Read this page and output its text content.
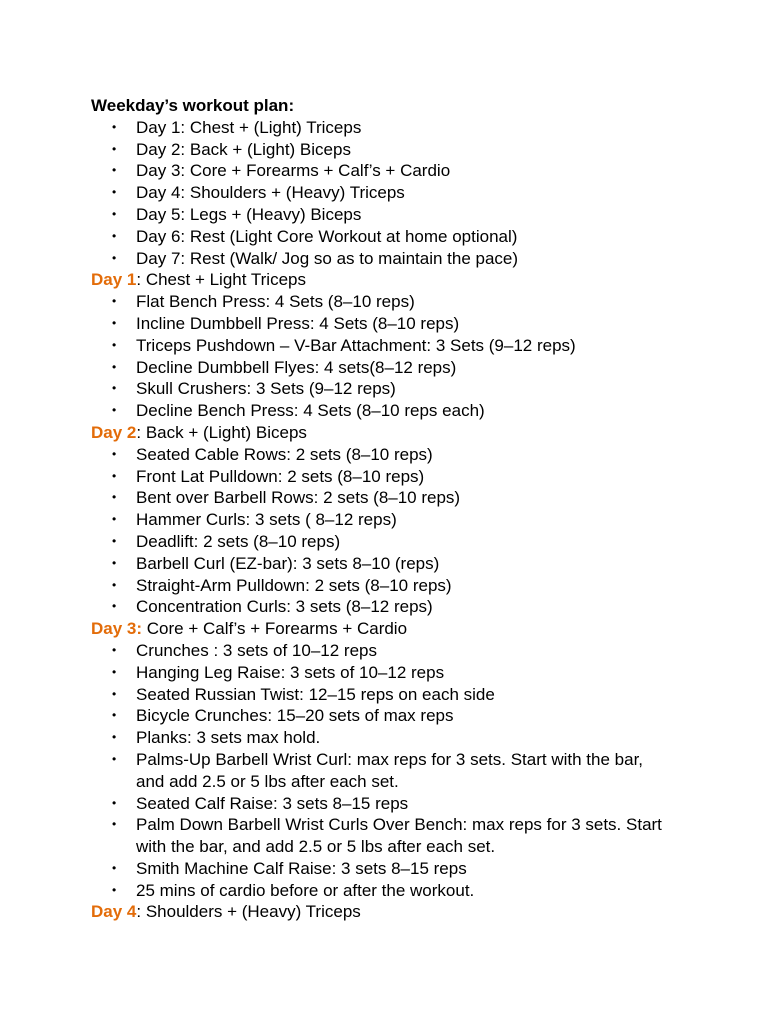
Weekday’s workout plan:
• Day 1: Chest + (Light) Triceps
• Day 2: Back + (Light) Biceps
• Day 3: Core + Forearms + Calf’s + Cardio
• Day 4: Shoulders + (Heavy) Triceps
• Day 5: Legs + (Heavy) Biceps
• Day 6: Rest (Light Core Workout at home optional)
• Day 7: Rest (Walk/ Jog so as to maintain the pace)
Day 1: Chest + Light Triceps
• Flat Bench Press: 4 Sets (8–10 reps)
• Incline Dumbbell Press: 4 Sets (8–10 reps)
• Triceps Pushdown – V-Bar Attachment: 3 Sets (9–12 reps)
• Decline Dumbbell Flyes: 4 sets(8–12 reps)
• Skull Crushers: 3 Sets (9–12 reps)
• Decline Bench Press: 4 Sets (8–10 reps each)
Day 2: Back + (Light) Biceps
• Seated Cable Rows: 2 sets (8–10 reps)
• Front Lat Pulldown: 2 sets (8–10 reps)
• Bent over Barbell Rows: 2 sets (8–10 reps)
• Hammer Curls: 3 sets ( 8–12 reps)
• Deadlift: 2 sets (8–10 reps)
• Barbell Curl (EZ-bar): 3 sets 8–10 (reps)
• Straight-Arm Pulldown: 2 sets (8–10 reps)
• Concentration Curls: 3 sets (8–12 reps)
Day 3: Core + Calf’s + Forearms + Cardio
• Crunches : 3 sets of 10–12 reps
• Hanging Leg Raise: 3 sets of 10–12 reps
• Seated Russian Twist: 12–15 reps on each side
• Bicycle Crunches: 15–20 sets of max reps
• Planks: 3 sets max hold.
• Palms-Up Barbell Wrist Curl: max reps for 3 sets. Start with the bar, and add 2.5 or 5 lbs after each set.
• Seated Calf Raise: 3 sets 8–15 reps
• Palm Down Barbell Wrist Curls Over Bench: max reps for 3 sets. Start with the bar, and add 2.5 or 5 lbs after each set.
• Smith Machine Calf Raise: 3 sets 8–15 reps
• 25 mins of cardio before or after the workout.
Day 4: Shoulders + (Heavy) Triceps
